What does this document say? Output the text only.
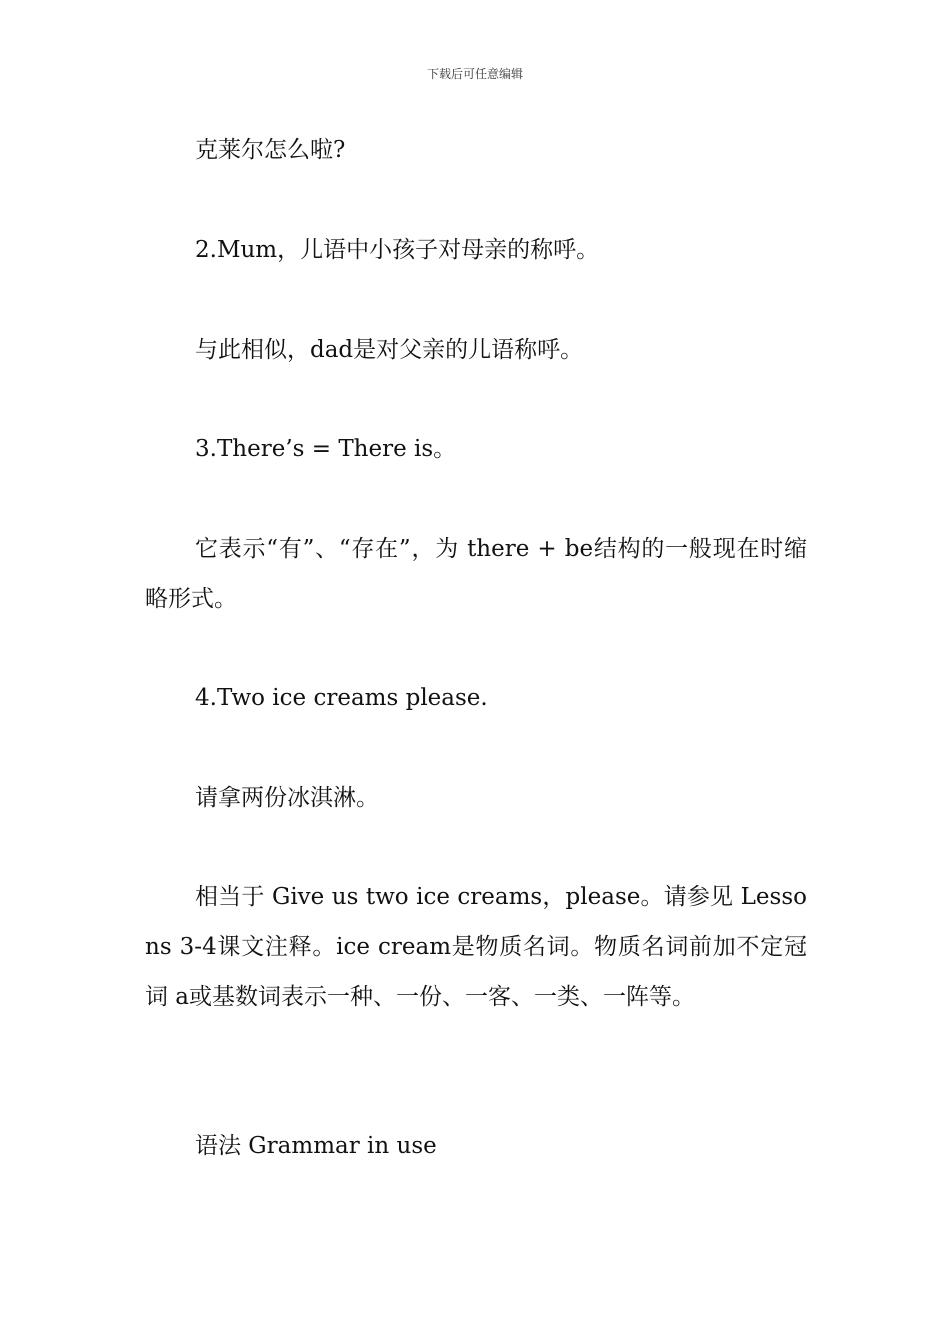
下载后可任意编辑
克莱尔怎么啦?
2.Mum，儿语中小孩子对母亲的称呼。
与此相似，dad是对父亲的儿语称呼。
3.There’s = There is。
它表示“有”、“存在”，为 there + be结构的一般现在时缩略形式。
4.Two ice creams please.
请拿两份冰淇淋。
相当于 Give us two ice creams，please。请参见 Lessons 3-4课文注释。ice cream是物质名词。物质名词前加不定冠词 a或基数词表示一种、一份、一客、一类、一阵等。
语法 Grammar in use
